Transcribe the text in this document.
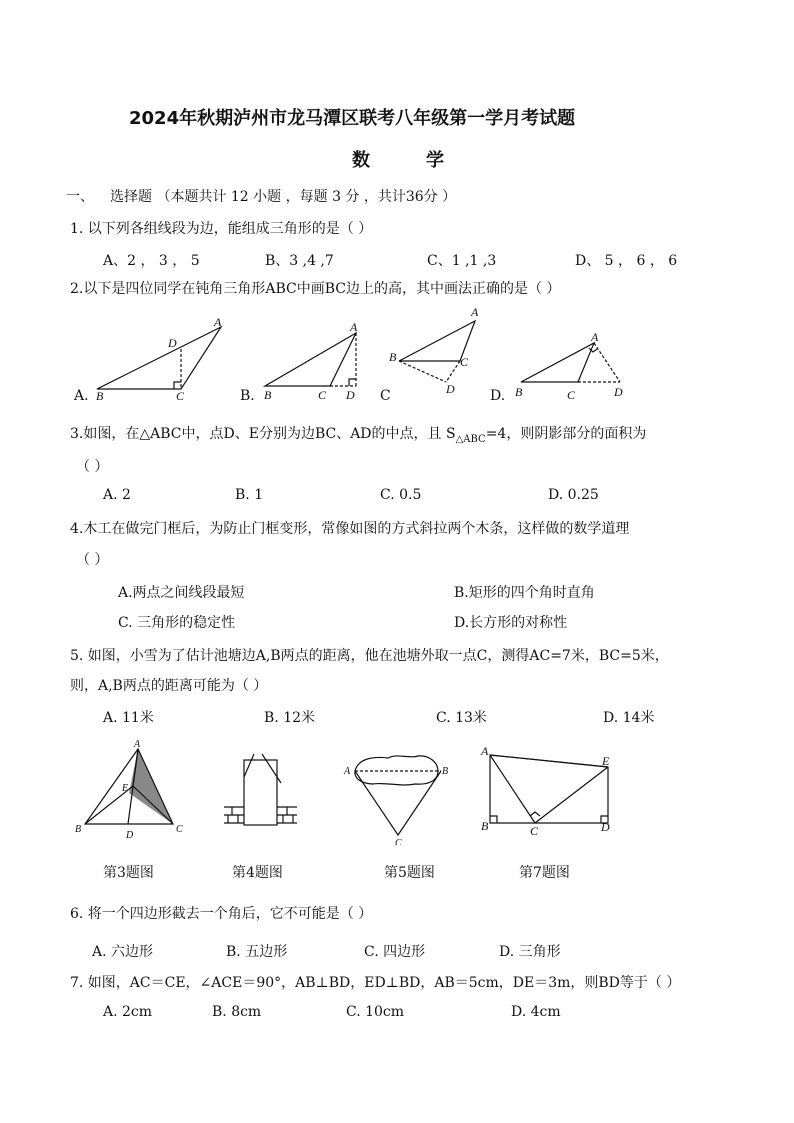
2024年秋期泸州市龙马潭区联考八年级第一学月考试题
数	学
一、 选择题 （本题共计 12 小题 ，每题 3 分 ，共计36分 ）
1. 以下列各组线段为边，能组成三角形的是（ ）
A、2 ， 3 ， 5	B、3 ,4 ,7	C、1 ,1 ,3	D、 5 ， 6 ， 6
2.以下是四位同学在钝角三角形ABC中画BC边上的高，其中画法正确的是（ ）
A
D
B	C
A
B	C D
A
B	C
D
A
B	C	D
A.	B.	C	D.
3.如图，在△ABC中，点D、E分别为边BC、AD的中点，且 $S_{\triangle ABC}=4$，则阴影部分的面积为
（ ）
A. 2	B. 1	C. 0.5	D. 0.25
4.木工在做完门框后，为防止门框变形，常像如图的方式斜拉两个木条，这样做的数学道理
（ ）
A.两点之间线段最短	B.矩形的四个角时直角
C. 三角形的稳定性	D.长方形的对称性
5. 如图，小雪为了估计池塘边A,B两点的距离，他在池塘外取一点C，测得AC=7米，BC=5米，
则，A,B两点的距离可能为（ ）
A. 11米	B. 12米	C. 13米	D. 14米
A
E
B
D
C
A	B
C
A
E
B	C	D
第3题图	第4题图	第5题图	第7题图
6. 将一个四边形截去一个角后，它不可能是（ ）
A. 六边形	B. 五边形	C. 四边形	D. 三角形
7. 如图，AC＝CE，∠ACE＝90°，AB⊥BD，ED⊥BD，AB＝5cm，DE＝3m，则BD等于（ ）
A. 2cm	B. 8cm	C. 10cm	D. 4cm
